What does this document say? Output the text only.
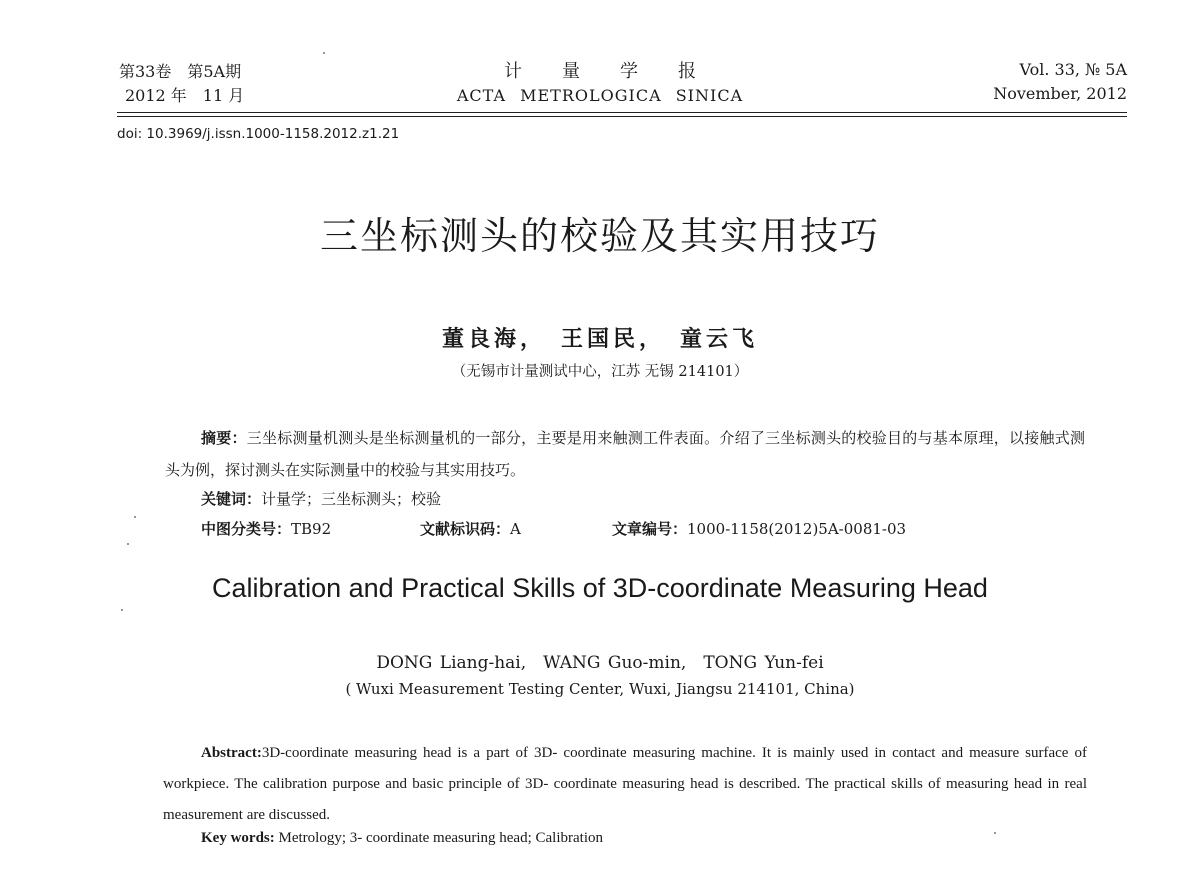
第33卷　第5A期
2012 年　11 月
计量学报
ACTA METROLOGICA SINICA
Vol. 33, № 5A
November, 2012
doi: 10.3969/j.issn.1000-1158.2012.z1.21
三坐标测头的校验及其实用技巧
董良海，　王国民，　童云飞
（无锡市计量测试中心，江苏 无锡 214101）

摘要：三坐标测量机测头是坐标测量机的一部分，主要是用来触测工件表面。介绍了三坐标测头的校验目的与基本原理，以接触式测头为例，探讨测头在实际测量中的校验与其实用技巧。

关键词：计量学；三坐标测头；校验
中图分类号：TB92	文献标识码：A	文章编号：1000-1158(2012)5A-0081-03
Calibration and Practical Skills of 3D-coordinate Measuring Head
DONG Liang-hai,　WANG Guo-min,　TONG Yun-fei
( Wuxi Measurement Testing Center, Wuxi, Jiangsu 214101, China)

Abstract:3D-coordinate measuring head is a part of 3D- coordinate measuring machine. It is mainly used in contact and measure surface of workpiece. The calibration purpose and basic principle of 3D- coordinate measuring head is described. The practical skills of measuring head in real measurement are discussed.

Key words: Metrology; 3- coordinate measuring head; Calibration
